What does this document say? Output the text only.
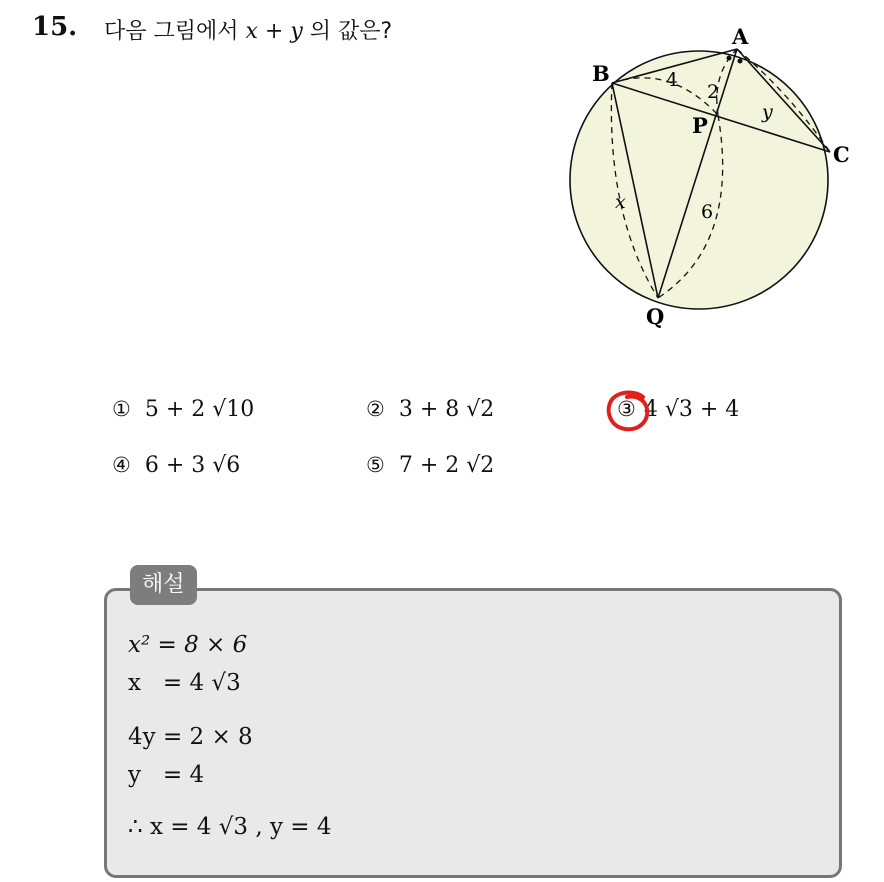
15. 다음 그림에서 x + y 의 값은?	A
B
C
P
Q
4
2
y
x	6
① 5 + 2 √10	② 3 + 8 √2	③ 4 √3 + 4
④ 6 + 3 √6	⑤ 7 + 2 √2
해설
x² = 8 × 6
x   = 4 √3
4y = 2 × 8
y   = 4
∴ x = 4 √3 , y = 4
